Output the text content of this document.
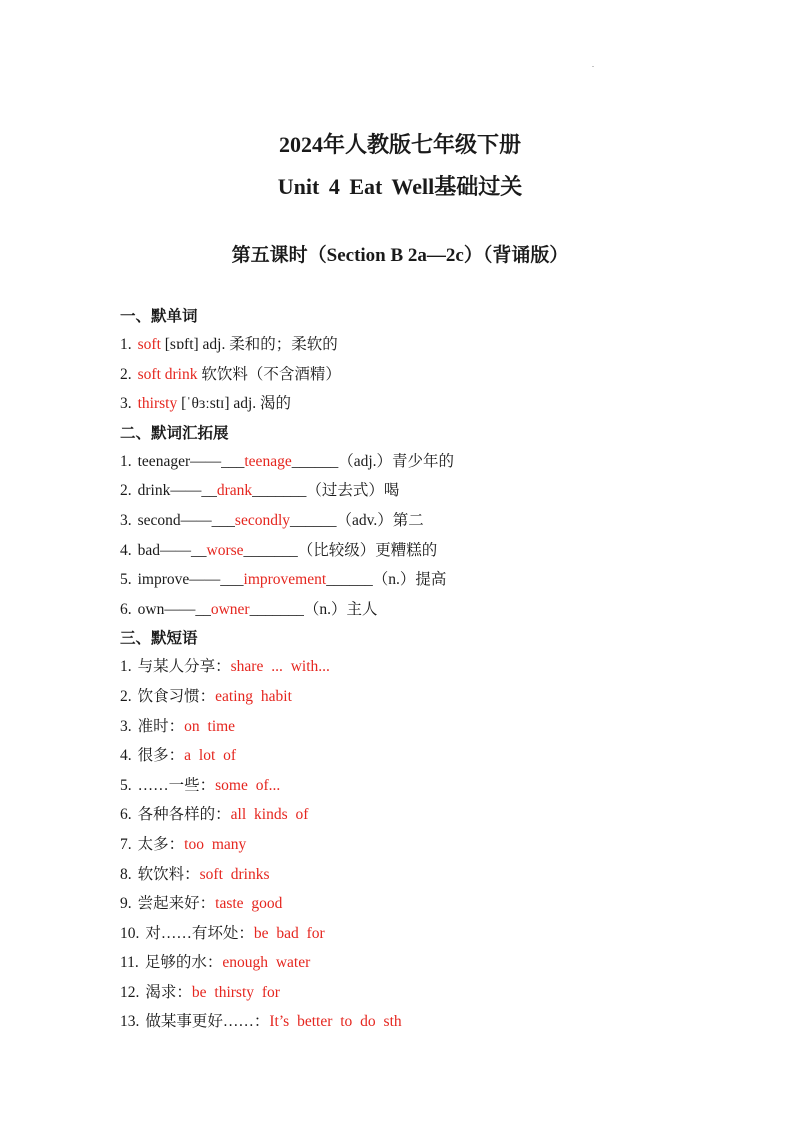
.
2024年人教版七年级下册
Unit 4 Eat Well基础过关
第五课时（Section B 2a—2c）（背诵版）
一、默单词
1. soft [sɒft] adj. 柔和的；柔软的
2. soft drink 软饮料（不含酒精）
3. thirsty [ˈθɜːstɪ] adj. 渴的
二、默词汇拓展
1. teenager——___teenage______（adj.）青少年的
2. drink——__drank_______（过去式）喝
3. second——___secondly______（adv.）第二
4. bad——__worse_______（比较级）更糟糕的
5. improve——___improvement______（n.）提高
6. own——__owner_______（n.）主人
三、默短语
1. 与某人分享：share ... with...
2. 饮食习惯：eating habit
3. 准时：on time
4. 很多：a lot of
5. ……一些：some of...
6. 各种各样的：all kinds of
7. 太多：too many
8. 软饮料：soft drinks
9. 尝起来好：taste good
10. 对……有坏处：be bad for
11. 足够的水：enough water
12. 渴求：be thirsty for
13. 做某事更好……：It’s better to do sth
